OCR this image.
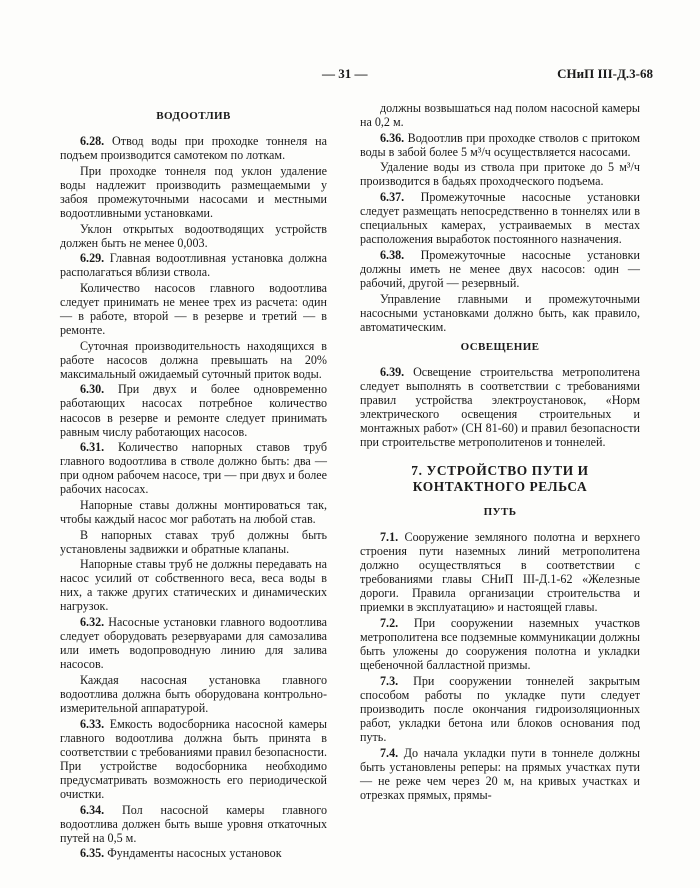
— 31 —	СНиП III-Д.3-68
ВОДООТЛИВ

6.28. Отвод воды при проходке тоннеля на подъем производится самотеком по лоткам.

При проходке тоннеля под уклон удаление воды надлежит производить размещаемыми у забоя промежуточными насосами и местными водоотливными установками.

Уклон открытых водоотводящих устройств должен быть не менее 0,003.

6.29. Главная водоотливная установка должна располагаться вблизи ствола.

Количество насосов главного водоотлива следует принимать не менее трех из расчета: один — в работе, второй — в резерве и третий — в ремонте.

Суточная производительность находящихся в работе насосов должна превышать на 20% максимальный ожидаемый суточный приток воды.

6.30. При двух и более одновременно работающих насосах потребное количество насосов в резерве и ремонте следует принимать равным числу работающих насосов.

6.31. Количество напорных ставов труб главного водоотлива в стволе должно быть: два — при одном рабочем насосе, три — при двух и более рабочих насосах.

Напорные ставы должны монтироваться так, чтобы каждый насос мог работать на любой став.

В напорных ставах труб должны быть установлены задвижки и обратные клапаны.

Напорные ставы труб не должны передавать на насос усилий от собственного веса, веса воды в них, а также других статических и динамических нагрузок.

6.32. Насосные установки главного водоотлива следует оборудовать резервуарами для самозалива или иметь водопроводную линию для залива насосов.

Каждая насосная установка главного водоотлива должна быть оборудована контрольно-измерительной аппаратурой.

6.33. Емкость водосборника насосной камеры главного водоотлива должна быть принята в соответствии с требованиями правил безопасности. При устройстве водосборника необходимо предусматривать возможность его периодической очистки.

6.34. Пол насосной камеры главного водоотлива должен быть выше уровня откаточных путей на 0,5 м.

6.35. Фундаменты насосных установок

должны возвышаться над полом насосной камеры на 0,2 м.

6.36. Водоотлив при проходке стволов с притоком воды в забой более 5 м³/ч осуществляется насосами.

Удаление воды из ствола при притоке до 5 м³/ч производится в бадьях проходческого подъема.

6.37. Промежуточные насосные установки следует размещать непосредственно в тоннелях или в специальных камерах, устраиваемых в местах расположения выработок постоянного назначения.

6.38. Промежуточные насосные установки должны иметь не менее двух насосов: один — рабочий, другой — резервный.

Управление главными и промежуточными насосными установками должно быть, как правило, автоматическим.

ОСВЕЩЕНИЕ

6.39. Освещение строительства метрополитена следует выполнять в соответствии с требованиями правил устройства электроустановок, «Норм электрического освещения строительных и монтажных работ» (СН 81-60) и правил безопасности при строительстве метрополитенов и тоннелей.

7. УСТРОЙСТВО ПУТИ И КОНТАКТНОГО РЕЛЬСА
ПУТЬ

7.1. Сооружение земляного полотна и верхнего строения пути наземных линий метрополитена должно осуществляться в соответствии с требованиями главы СНиП III-Д.1-62 «Железные дороги. Правила организации строительства и приемки в эксплуатацию» и настоящей главы.

7.2. При сооружении наземных участков метрополитена все подземные коммуникации должны быть уложены до сооружения полотна и укладки щебеночной балластной призмы.

7.3. При сооружении тоннелей закрытым способом работы по укладке пути следует производить после окончания гидроизоляционных работ, укладки бетона или блоков основания под путь.

7.4. До начала укладки пути в тоннеле должны быть установлены реперы: на прямых участках пути — не реже чем через 20 м, на кривых участках и отрезках прямых, прямы-
